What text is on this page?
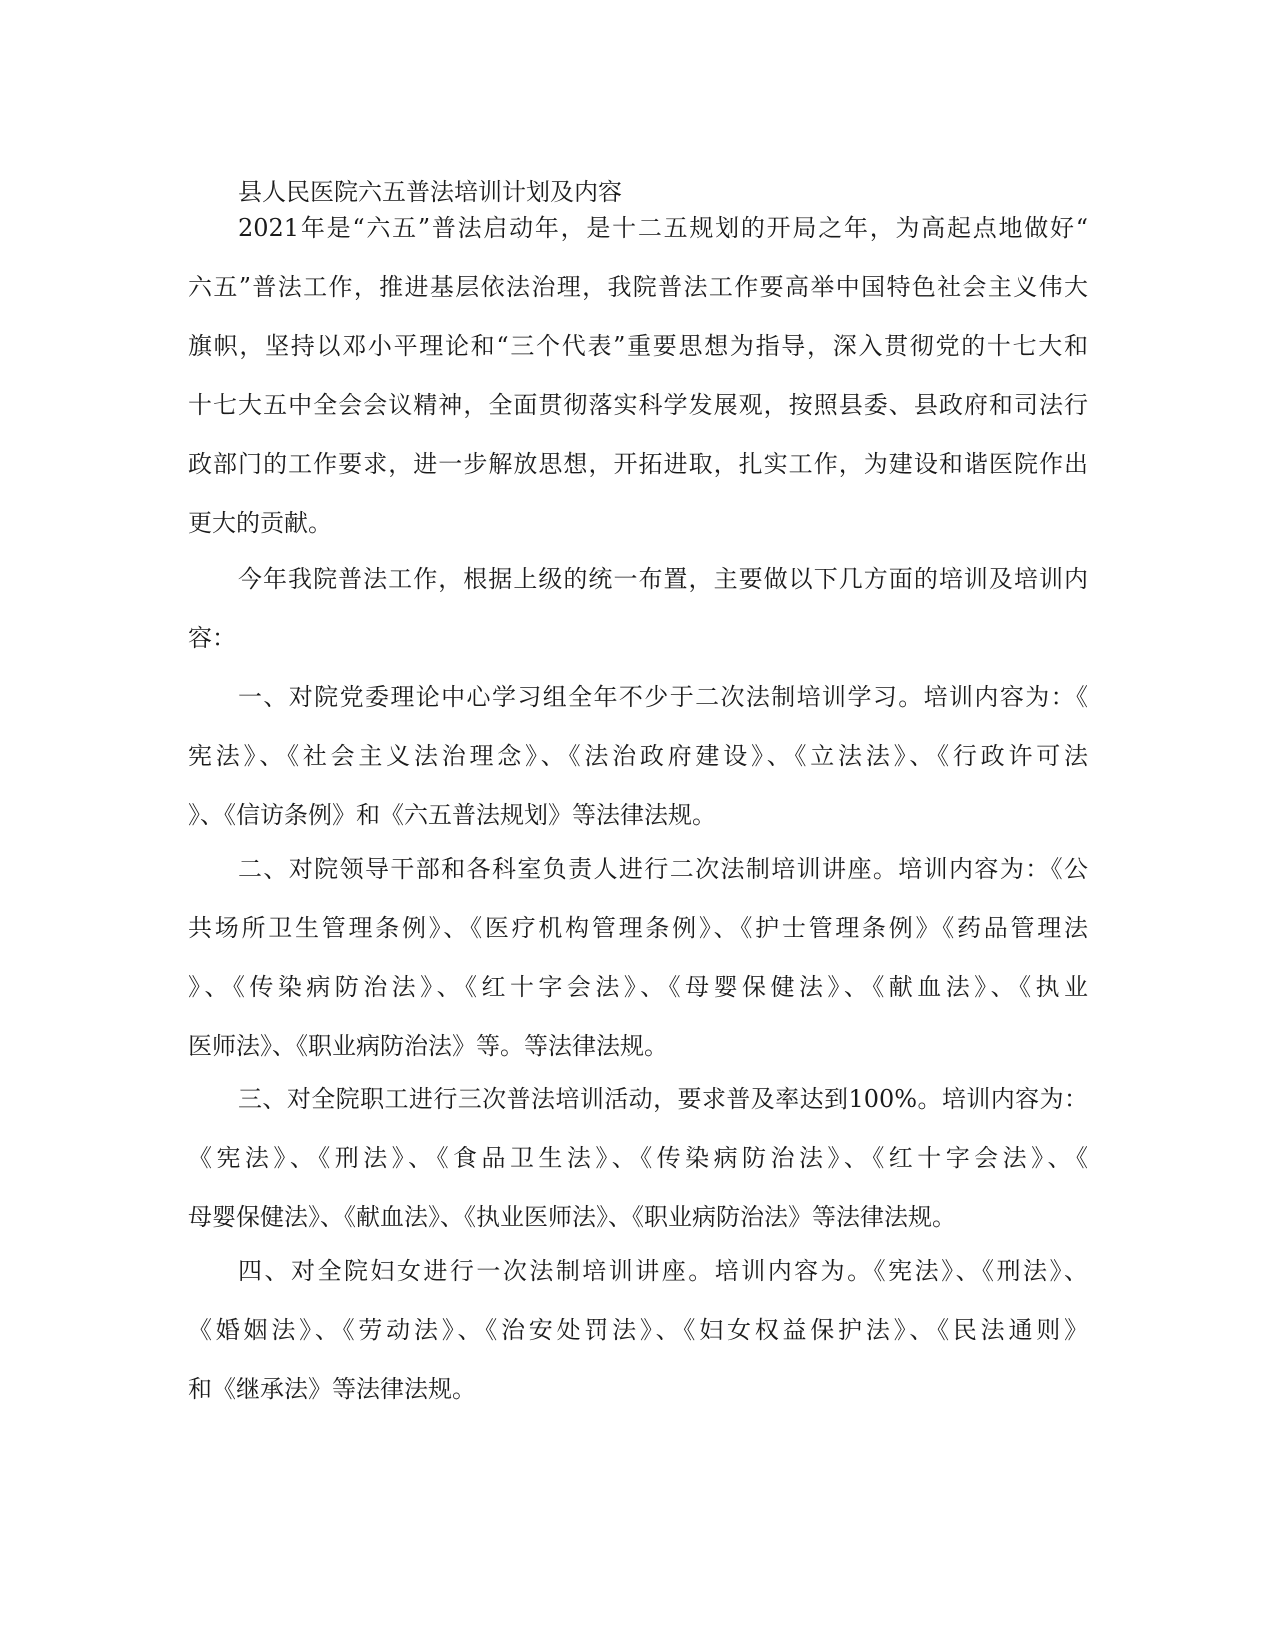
县人民医院六五普法培训计划及内容
2021年是“六五”普法启动年，是十二五规划的开局之年，为高起点地做好“
六五”普法工作，推进基层依法治理，我院普法工作要高举中国特色社会主义伟大
旗帜，坚持以邓小平理论和“三个代表”重要思想为指导，深入贯彻党的十七大和
十七大五中全会会议精神，全面贯彻落实科学发展观，按照县委、县政府和司法行
政部门的工作要求，进一步解放思想，开拓进取，扎实工作，为建设和谐医院作出
更大的贡献。
今年我院普法工作，根据上级的统一布置，主要做以下几方面的培训及培训内
容：
一、对院党委理论中心学习组全年不少于二次法制培训学习。培训内容为：《
宪法》、《社会主义法治理念》、《法治政府建设》、《立法法》、《行政许可法
》、《信访条例》和《六五普法规划》等法律法规。
二、对院领导干部和各科室负责人进行二次法制培训讲座。培训内容为：《公
共场所卫生管理条例》、《医疗机构管理条例》、《护士管理条例》《药品管理法
》、《传染病防治法》、《红十字会法》、《母婴保健法》、《献血法》、《执业
医师法》、《职业病防治法》等。等法律法规。
三、对全院职工进行三次普法培训活动，要求普及率达到100%。培训内容为：
《宪法》、《刑法》、《食品卫生法》、《传染病防治法》、《红十字会法》、《
母婴保健法》、《献血法》、《执业医师法》、《职业病防治法》等法律法规。
四、对全院妇女进行一次法制培训讲座。培训内容为。《宪法》、《刑法》、
《婚姻法》、《劳动法》、《治安处罚法》、《妇女权益保护法》、《民法通则》
和《继承法》等法律法规。
